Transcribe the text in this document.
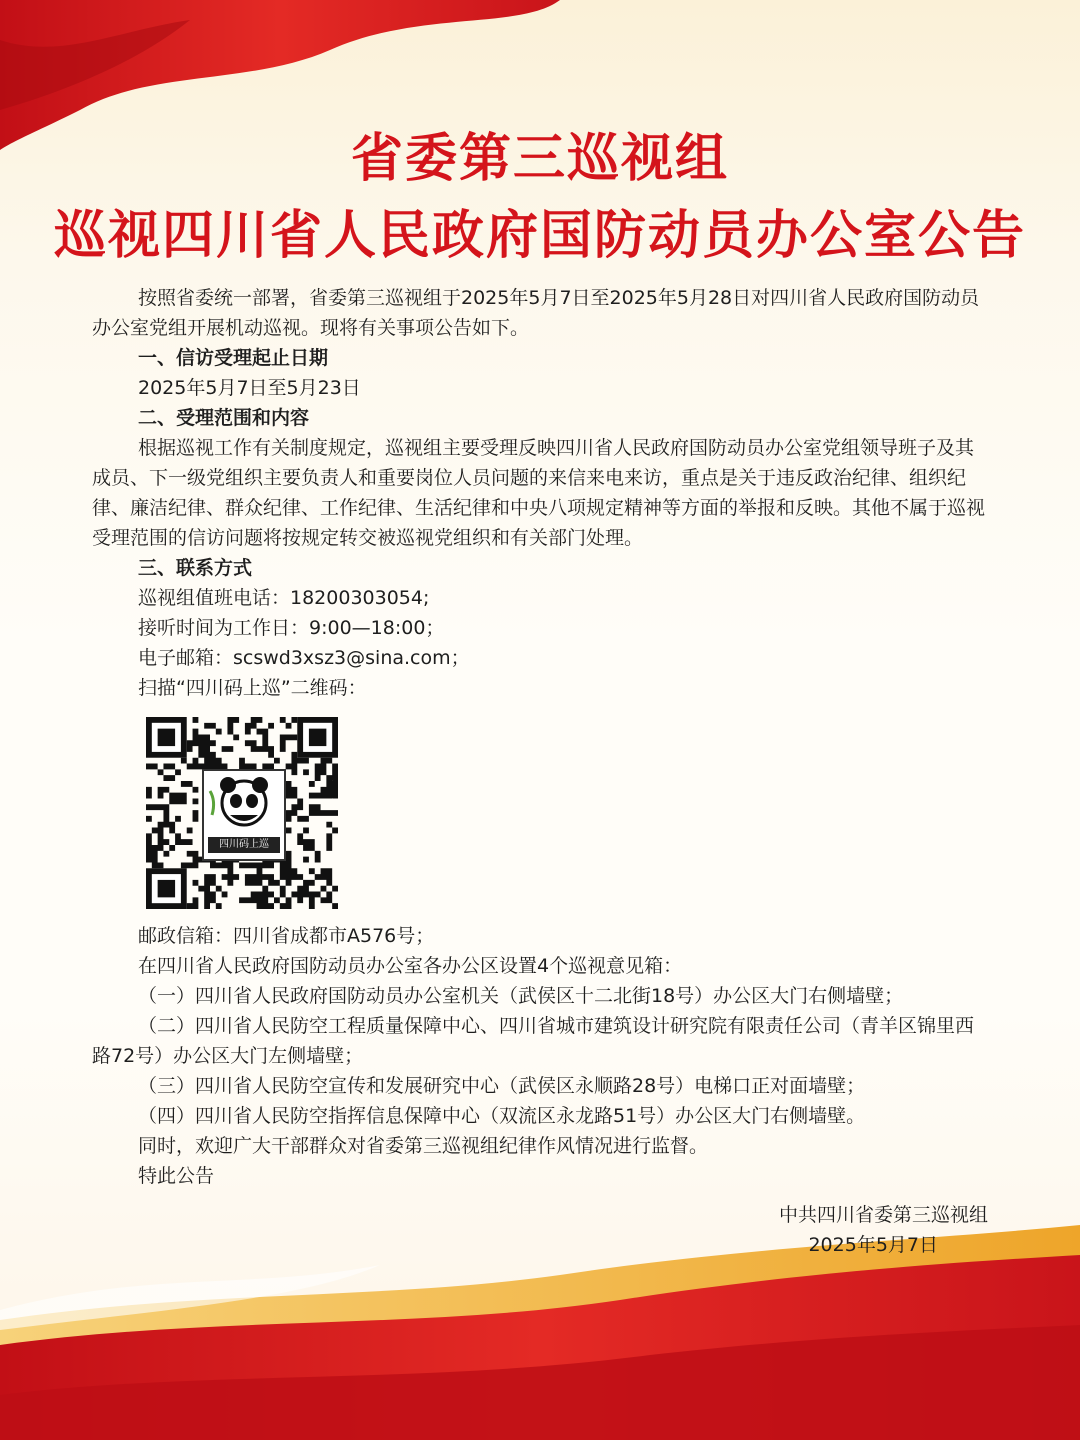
省委第三巡视组
巡视四川省人民政府国防动员办公室公告

按照省委统一部署，省委第三巡视组于2025年5月7日至2025年5月28日对四川省人民政府国防动员办公室党组开展机动巡视。现将有关事项公告如下。

一、信访受理起止日期

2025年5月7日至5月23日

二、受理范围和内容

根据巡视工作有关制度规定，巡视组主要受理反映四川省人民政府国防动员办公室党组领导班子及其成员、下一级党组织主要负责人和重要岗位人员问题的来信来电来访，重点是关于违反政治纪律、组织纪律、廉洁纪律、群众纪律、工作纪律、生活纪律和中央八项规定精神等方面的举报和反映。其他不属于巡视受理范围的信访问题将按规定转交被巡视党组织和有关部门处理。

三、联系方式

巡视组值班电话：18200303054;

接听时间为工作日：9:00—18:00；

电子邮箱：scswd3xsz3@sina.com；

扫描“四川码上巡”二维码：

四川码上巡

邮政信箱：四川省成都市A576号；

在四川省人民政府国防动员办公室各办公区设置4个巡视意见箱：

（一）四川省人民政府国防动员办公室机关（武侯区十二北街18号）办公区大门右侧墙壁；

（二）四川省人民防空工程质量保障中心、四川省城市建筑设计研究院有限责任公司（青羊区锦里西路72号）办公区大门左侧墙壁；

（三）四川省人民防空宣传和发展研究中心（武侯区永顺路28号）电梯口正对面墙壁；

（四）四川省人民防空指挥信息保障中心（双流区永龙路51号）办公区大门右侧墙壁。

同时，欢迎广大干部群众对省委第三巡视组纪律作风情况进行监督。

特此公告

中共四川省委第三巡视组
2025年5月7日
